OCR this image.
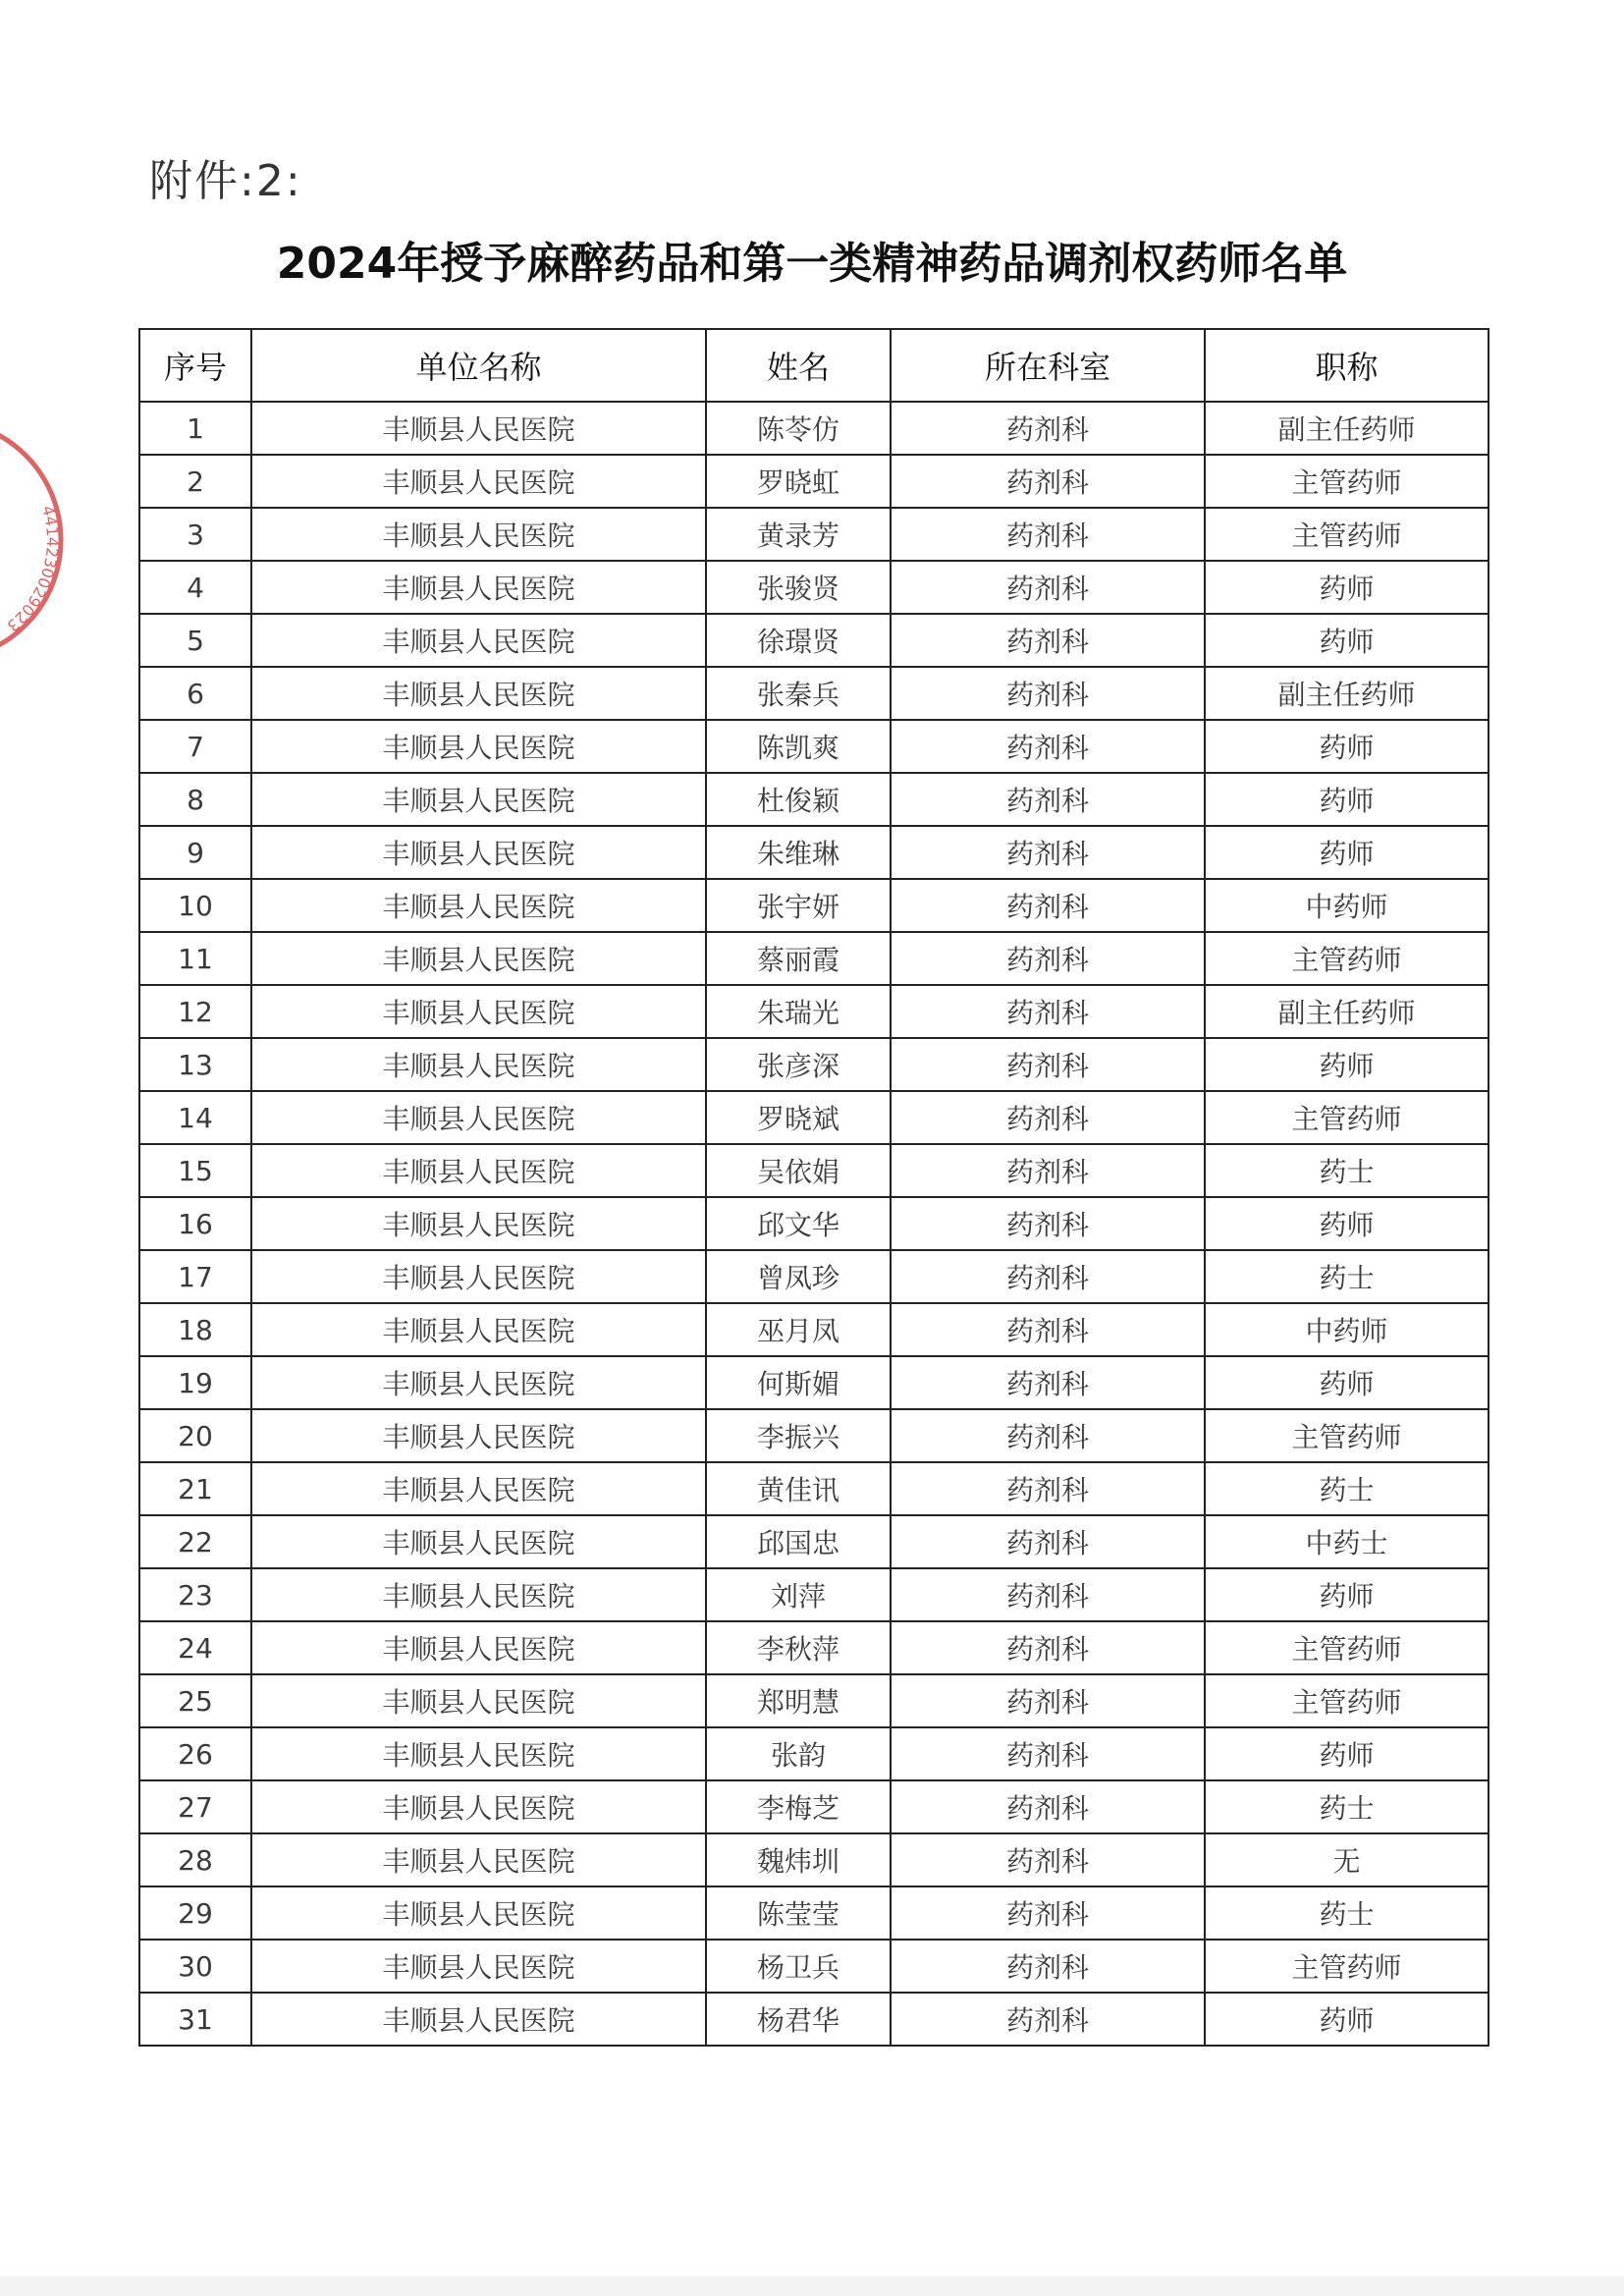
附件:2:
2024年授予麻醉药品和第一类精神药品调剂权药师名单
4414230029023
序号	单位名称	姓名	所在科室	职称
1	丰顺县人民医院	陈苓仿	药剂科	副主任药师
2	丰顺县人民医院	罗晓虹	药剂科	主管药师
3	丰顺县人民医院	黄录芳	药剂科	主管药师
4	丰顺县人民医院	张骏贤	药剂科	药师
5	丰顺县人民医院	徐璟贤	药剂科	药师
6	丰顺县人民医院	张秦兵	药剂科	副主任药师
7	丰顺县人民医院	陈凯爽	药剂科	药师
8	丰顺县人民医院	杜俊颖	药剂科	药师
9	丰顺县人民医院	朱维琳	药剂科	药师
10	丰顺县人民医院	张宇妍	药剂科	中药师
11	丰顺县人民医院	蔡丽霞	药剂科	主管药师
12	丰顺县人民医院	朱瑞光	药剂科	副主任药师
13	丰顺县人民医院	张彦深	药剂科	药师
14	丰顺县人民医院	罗晓斌	药剂科	主管药师
15	丰顺县人民医院	吴依娟	药剂科	药士
16	丰顺县人民医院	邱文华	药剂科	药师
17	丰顺县人民医院	曾凤珍	药剂科	药士
18	丰顺县人民医院	巫月凤	药剂科	中药师
19	丰顺县人民医院	何斯媚	药剂科	药师
20	丰顺县人民医院	李振兴	药剂科	主管药师
21	丰顺县人民医院	黄佳讯	药剂科	药士
22	丰顺县人民医院	邱国忠	药剂科	中药士
23	丰顺县人民医院	刘萍	药剂科	药师
24	丰顺县人民医院	李秋萍	药剂科	主管药师
25	丰顺县人民医院	郑明慧	药剂科	主管药师
26	丰顺县人民医院	张韵	药剂科	药师
27	丰顺县人民医院	李梅芝	药剂科	药士
28	丰顺县人民医院	魏炜圳	药剂科	无
29	丰顺县人民医院	陈莹莹	药剂科	药士
30	丰顺县人民医院	杨卫兵	药剂科	主管药师
31	丰顺县人民医院	杨君华	药剂科	药师
